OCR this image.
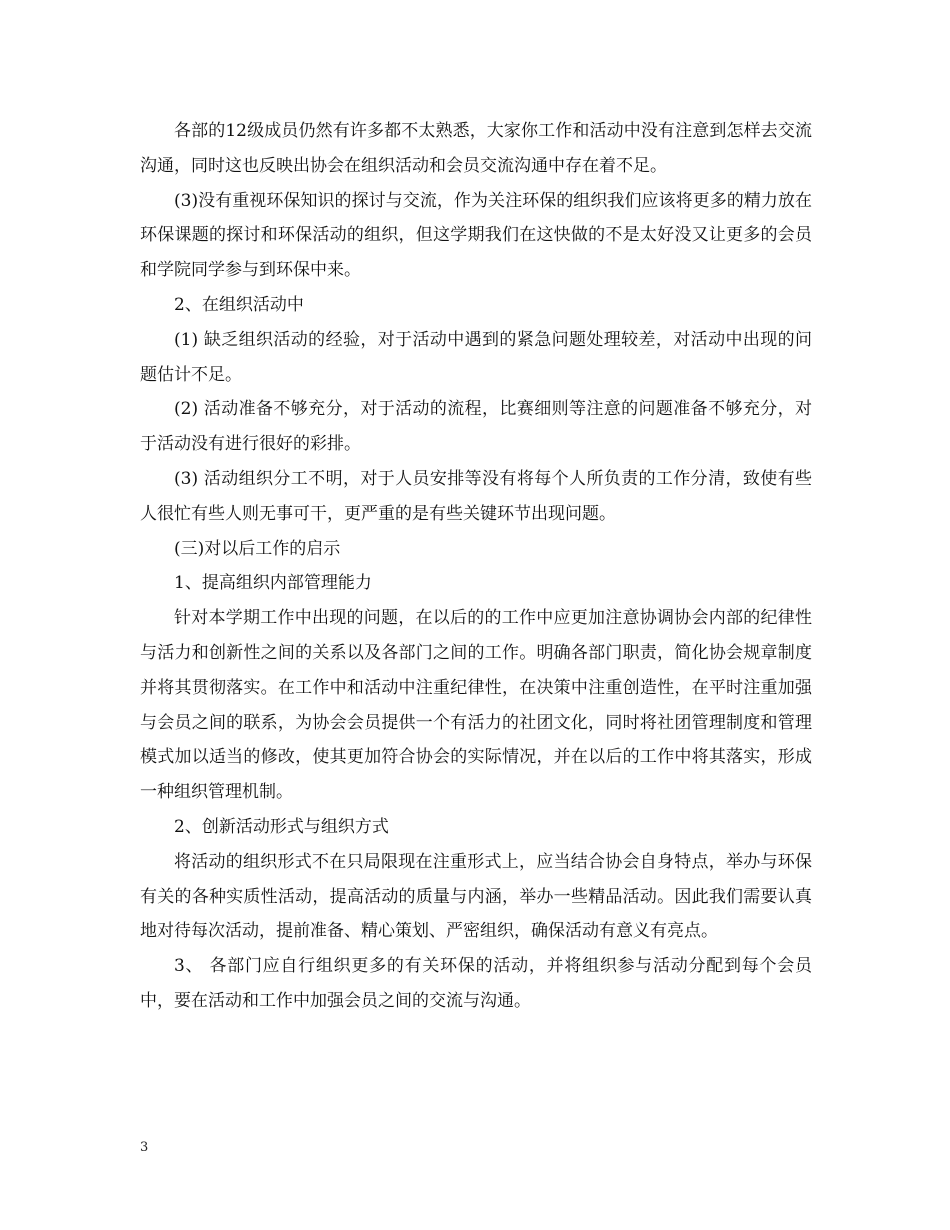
各部的12级成员仍然有许多都不太熟悉，大家你工作和活动中没有注意到怎样去交流沟通，同时这也反映出协会在组织活动和会员交流沟通中存在着不足。

(3)没有重视环保知识的探讨与交流，作为关注环保的组织我们应该将更多的精力放在环保课题的探讨和环保活动的组织，但这学期我们在这快做的不是太好没又让更多的会员和学院同学参与到环保中来。

2、在组织活动中

(1) 缺乏组织活动的经验，对于活动中遇到的紧急问题处理较差，对活动中出现的问题估计不足。

(2) 活动准备不够充分，对于活动的流程，比赛细则等注意的问题准备不够充分，对于活动没有进行很好的彩排。

(3) 活动组织分工不明，对于人员安排等没有将每个人所负责的工作分清，致使有些人很忙有些人则无事可干，更严重的是有些关键环节出现问题。

(三)对以后工作的启示

1、提高组织内部管理能力

针对本学期工作中出现的问题，在以后的的工作中应更加注意协调协会内部的纪律性与活力和创新性之间的关系以及各部门之间的工作。明确各部门职责，简化协会规章制度并将其贯彻落实。在工作中和活动中注重纪律性，在决策中注重创造性，在平时注重加强与会员之间的联系，为协会会员提供一个有活力的社团文化，同时将社团管理制度和管理模式加以适当的修改，使其更加符合协会的实际情况，并在以后的工作中将其落实，形成一种组织管理机制。

2、创新活动形式与组织方式

将活动的组织形式不在只局限现在注重形式上，应当结合协会自身特点，举办与环保有关的各种实质性活动，提高活动的质量与内涵，举办一些精品活动。因此我们需要认真地对待每次活动，提前准备、精心策划、严密组织，确保活动有意义有亮点。

3、 各部门应自行组织更多的有关环保的活动，并将组织参与活动分配到每个会员中，要在活动和工作中加强会员之间的交流与沟通。

3
